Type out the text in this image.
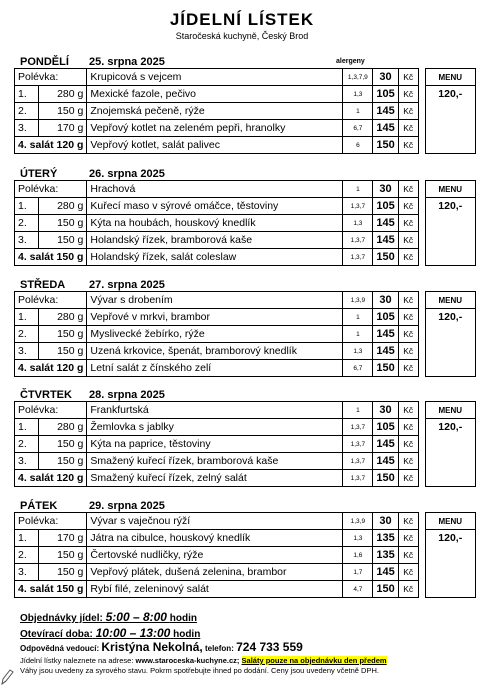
JÍDELNÍ LÍSTEK
Staročeská kuchyně, Český Brod
alergeny
PONDĚLÍ 25. srpna 2025
Polévka:		Krupicová s vejcem	1,3,7,9	30	Kč		MENU
1.	280 g	Mexické fazole, pečivo	1,3	105	Kč		120,-
2.	150 g	Znojemská pečeně, rýže	1	145	Kč		
3.	170 g	Vepřový kotlet na zeleném pepři, hranolky	6,7	145	Kč		
4. salát 120 g		Vepřový kotlet, salát palivec	6	150	Kč		
ÚTERÝ	26. srpna 2025
Polévka:		Hrachová	1	30	Kč		MENU
1.	280 g	Kuřecí maso v sýrové omáčce, těstoviny	1,3,7	105	Kč		120,-
2.	150 g	Kýta na houbách, houskový knedlík	1,3	145	Kč		
3.	150 g	Holandský řízek, bramborová kaše	1,3,7	145	Kč		
4. salát 150 g		Holandský řízek, salát coleslaw	1,3,7	150	Kč		
STŘEDA 27. srpna 2025
Polévka:		Vývar s drobením	1,3,9	30	Kč		MENU
1.	280 g	Vepřové v mrkvi, brambor	1	105	Kč		120,-
2.	150 g	Myslivecké žebírko, rýže	1	145	Kč		
3.	150 g	Uzená krkovice, špenát, bramborový knedlík	1,3	145	Kč		
4. salát 120 g		Letní salát z čínského zelí	6,7	150	Kč		
ČTVRTEK 28. srpna 2025
Polévka:		Frankfurtská	1	30	Kč		MENU
1.	280 g	Žemlovka s jablky	1,3,7	105	Kč		120,-
2.	150 g	Kýta na paprice, těstoviny	1,3,7	145	Kč		
3.	150 g	Smažený kuřecí řízek, bramborová kaše	1,3,7	145	Kč		
4. salát 120 g		Smažený kuřecí řízek, zelný salát	1,3,7	150	Kč		
PÁTEK	29. srpna 2025
Polévka:		Vývar s vaječnou rýží	1,3,9	30	Kč		MENU
1.	170 g	Játra na cibulce, houskový knedlík	1,3	135	Kč		120,-
2.	150 g	Čertovské nudličky, rýže	1,6	135	Kč		
3.	150 g	Vepřový plátek, dušená zelenina, brambor	1,7	145	Kč		
4. salát 150 g		Rybí filé, zeleninový salát	4,7	150	Kč		
Objednávky jídel: 5:00 – 8:00 hodin
Otevírací doba: 10:00 – 13:00 hodin
Odpovědná vedoucí: Kristýna Nekolná, telefon: 724 733 559
Jídelní lístky naleznete na adrese: www.staroceska-kuchyne.cz; Saláty pouze na objednávku den předem
Váhy jsou uvedeny za syrového stavu. Pokrm spotřebujte ihned po dodání. Ceny jsou uvedeny včetně DPH.
